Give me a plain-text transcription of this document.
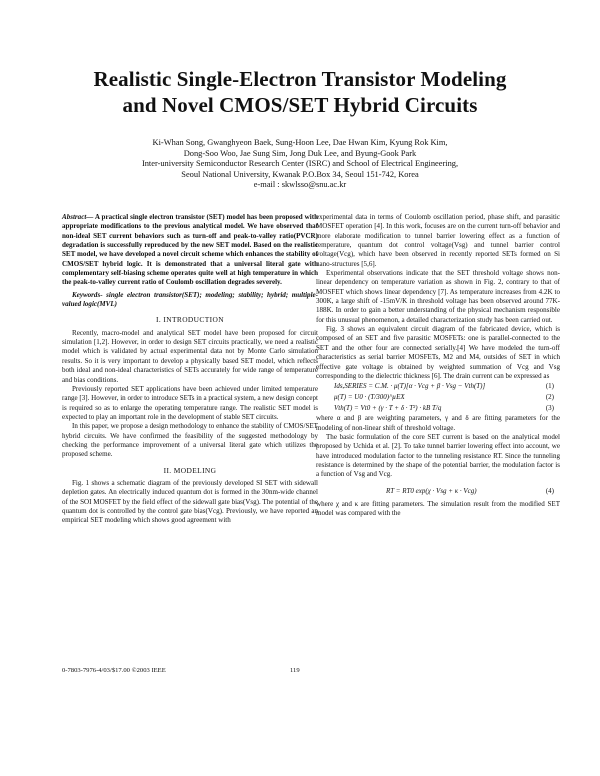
Realistic Single-Electron Transistor Modeling
and Novel CMOS/SET Hybrid Circuits
Ki-Whan Song, Gwanghyeon Baek, Sung-Hoon Lee, Dae Hwan Kim, Kyung Rok Kim,
Dong-Soo Woo, Jae Sung Sim, Jong Duk Lee, and Byung-Gook Park
Inter-university Semiconductor Research Center (ISRC) and School of Electrical Engineering,
Seoul National University, Kwanak P.O.Box 34, Seoul 151-742, Korea
e-mail : skwlsso@snu.ac.kr

Abstract— A practical single electron transistor (SET) model has been proposed with appropriate modifications to the previous analytical model. We have observed that non-ideal SET current behaviors such as turn-off and peak-to-valley ratio(PVCR) degradation is successfully reproduced by the new SET model. Based on the realistic SET model, we have developed a novel circuit scheme which enhances the stability of CMOS/SET hybrid logic. It is demonstrated that a universal literal gate with complementary self-biasing scheme operates quite well at high temperature in which the peak-to-valley current ratio of Coulomb oscillation degrades severely.

Keywords- single electron transistor(SET); modeling; stability; hybrid; multiple-valued logic(MVL)

I. INTRODUCTION

Recently, macro-model and analytical SET model have been proposed for circuit simulation [1,2]. However, in order to design SET circuits practically, we need a realistic model which is validated by actual experimental data not by Monte Carlo simulation results. So it is very important to develop a physically based SET model, which reflects both ideal and non-ideal characteristics of SETs accurately for wide range of temperature and bias conditions.

Previously reported SET applications have been achieved under limited temperature range [3]. However, in order to introduce SETs in a practical system, a new design concept is required so as to enlarge the operating temperature range. The realistic SET model is expected to play an important role in the development of stable SET circuits.

In this paper, we propose a design methodology to enhance the stability of CMOS/SET hybrid circuits. We have confirmed the feasibility of the suggested methodology by checking the performance improvement of a universal literal gate which utilizes the proposed scheme.

II. MODELING

Fig. 1 shows a schematic diagram of the previously developed SI SET with sidewall depletion gates. An electrically induced quantum dot is formed in the 30nm-wide channel of the SOI MOSFET by the field effect of the sidewall gate bias(Vsg). The potential of the quantum dot is controlled by the control gate bias(Vcg). Previously, we have reported an empirical SET modeling which shows good agreement with

experimental data in terms of Coulomb oscillation period, phase shift, and parasitic MOSFET operation [4]. In this work, focuses are on the current turn-off behavior and more elaborate modification to tunnel barrier lowering effect as a function of temperature, quantum dot control voltage(Vsg) and tunnel barrier control voltage(Vcg), which have been observed in recently reported SETs formed on Si nano-structures [5,6].

Experimental observations indicate that the SET threshold voltage shows non-linear dependency on temperature variation as shown in Fig. 2, contrary to that of MOSFET which shows linear dependency [7]. As temperature increases from 4.2K to 300K, a large shift of -15mV/K in threshold voltage has been observed around 77K-188K. In order to gain a better understanding of the physical mechanism responsible for this unusual phenomenon, a detailed characterization study has been carried out.

Fig. 3 shows an equivalent circuit diagram of the fabricated device, which is composed of an SET and five parasitic MOSFETs: one is parallel-connected to the SET and the other four are connected serially.[4] We have modeled the turn-off characteristics as serial barrier MOSFETs, M2 and M4, outsides of SET in which effective gate voltage is obtained by weighted summation of Vcg and Vsg corresponding to the dielectric thickness [6]. The drain current can be expressed as

Ids,SERIES = C.M. · μ(T)[α · Vcg + β · Vsg − Vth(T)]	(1)
μ(T) = U0 · (T/300)^µEX	(2)
Vth(T) = Vt0 + (γ · T + δ · T²) · kB T/q	(3)

where α and β are weighting parameters, γ and δ are fitting parameters for the modeling of non-linear shift of threshold voltage.

The basic formulation of the core SET current is based on the analytical model proposed by Uchida et al. [2]. To take tunnel barrier lowering effect into account, we have introduced modulation factor to the tunneling resistance RT. Since the tunneling resistance is determined by the shape of the potential barrier, the modulation factor is a function of Vsg and Vcg.

RT = RT0 exp(χ · Vsg + κ · Vcg)	(4)

where χ and κ are fitting parameters. The simulation result from the modified SET model was compared with the

0-7803-7976-4/03/$17.00 ©2003 IEEE	119
